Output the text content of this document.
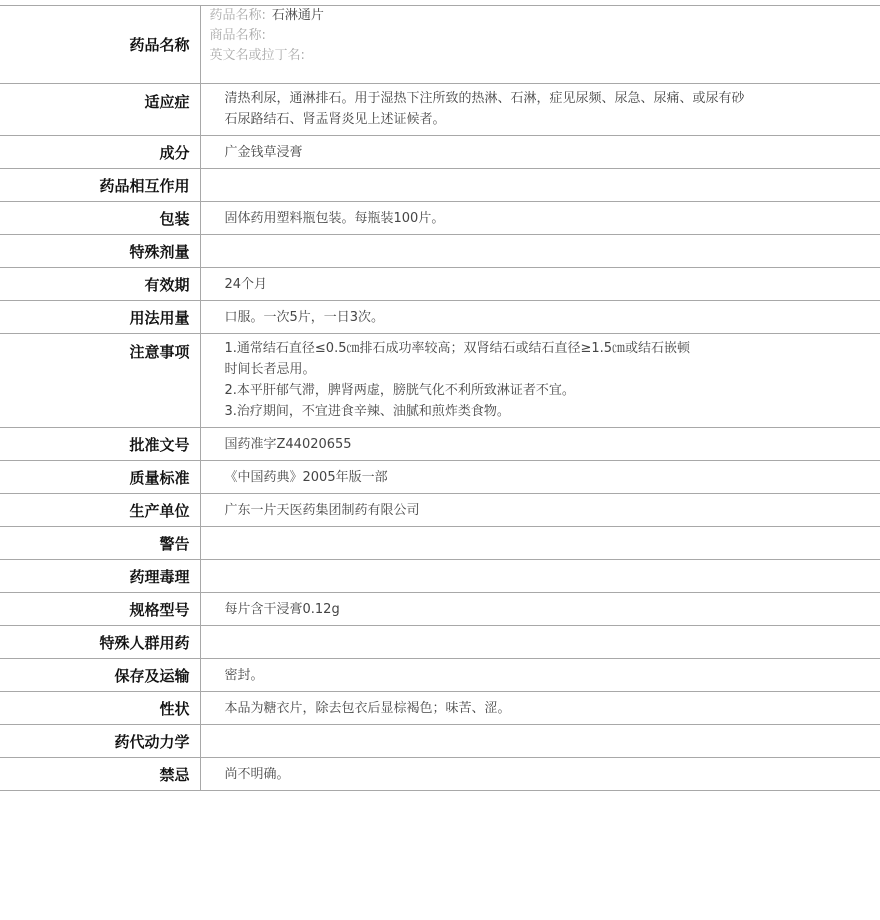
药品名称	药品名称: 石淋通片
商品名称:
英文名或拉丁名:

适应症	清热利尿，通淋排石。用于湿热下注所致的热淋、石淋，症见尿频、尿急、尿痛、或尿有砂
石尿路结石、肾盂肾炎见上述证候者。

成分	广金钱草浸膏

药品相互作用	
包装	固体药用塑料瓶包装。每瓶装100片。

特殊剂量	
有效期	24个月

用法用量	口服。一次5片，一日3次。

注意事项	1.通常结石直径≤0.5㎝排石成功率较高；双肾结石或结石直径≥1.5㎝或结石嵌顿
时间长者忌用。
2.本平肝郁气滞，脾肾两虚，膀胱气化不利所致淋证者不宜。
3.治疗期间，不宜进食辛辣、油腻和煎炸类食物。

批准文号	国药准字Z44020655

质量标准	《中国药典》2005年版一部

生产单位	广东一片天医药集团制药有限公司

警告	
药理毒理	
规格型号	每片含干浸膏0.12g

特殊人群用药	
保存及运输	密封。

性状	本品为糖衣片，除去包衣后显棕褐色；味苦、涩。

药代动力学	
禁忌	尚不明确。
